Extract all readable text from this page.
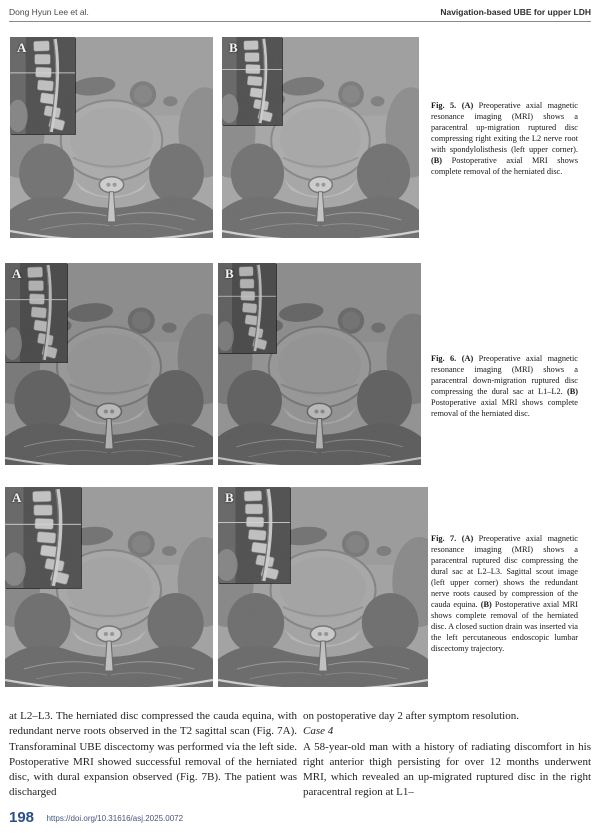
Dong Hyun Lee et al.	Navigation-based UBE for upper LDH
A	B
Fig. 5. (A) Preoperative axial magnetic resonance imaging (MRI) shows a paracentral up-migration ruptured disc compressing right exiting the L2 nerve root with spondylolisthesis (left upper corner). (B) Postoperative axial MRI shows complete removal of the herniated disc.
A	B
Fig. 6. (A) Preoperative axial magnetic resonance imaging (MRI) shows a paracentral down-migration ruptured disc compressing the dural sac at L1–L2. (B) Postoperative axial MRI shows complete removal of the herniated disc.
A	B
Fig. 7. (A) Preoperative axial magnetic resonance imaging (MRI) shows a paracentral ruptured disc compressing the dural sac at L2–L3. Sagittal scout image (left upper corner) shows the redundant nerve roots caused by compression of the cauda equina. (B) Postoperative axial MRI shows complete removal of the herniated disc. A closed suction drain was inserted via the left percutaneous endoscopic lumbar discectomy trajectory.

at L2–L3. The herniated disc compressed the cauda equina, with redundant nerve roots observed in the T2 sagittal scan (Fig. 7A). Transforaminal UBE discectomy was performed via the left side. Postoperative MRI showed successful removal of the herniated disc, with dural expansion observed (Fig. 7B). The patient was discharged

on postoperative day 2 after symptom resolution.

Case 4

A 58-year-old man with a history of radiating discomfort in his right anterior thigh persisting for over 12 months underwent MRI, which revealed an up-migrated ruptured disc in the right paracentral region at L1–

198 https://doi.org/10.31616/asj.2025.0072
